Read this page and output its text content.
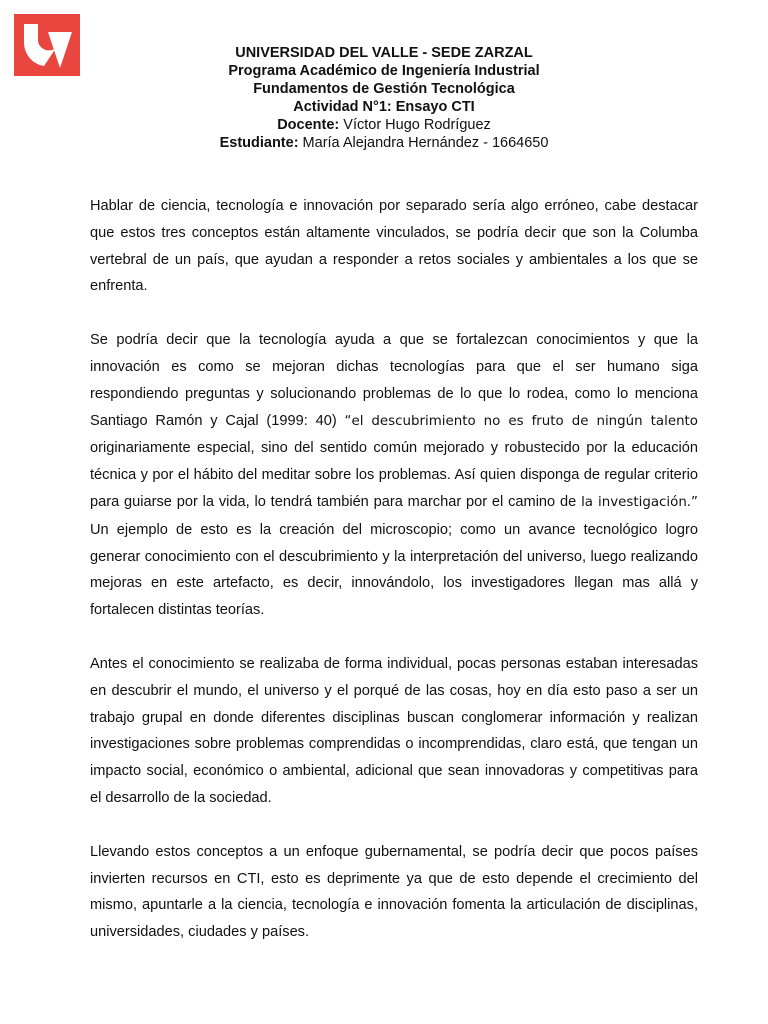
UNIVERSIDAD DEL VALLE - SEDE ZARZAL
Programa Académico de Ingeniería Industrial
Fundamentos de Gestión Tecnológica
Actividad N°1: Ensayo CTI
Docente: Víctor Hugo Rodríguez
Estudiante: María Alejandra Hernández - 1664650

Hablar de ciencia, tecnología e innovación por separado sería algo erróneo, cabe destacar que estos tres conceptos están altamente vinculados, se podría decir que son la Columba vertebral de un país, que ayudan a responder a retos sociales y ambientales a los que se enfrenta.

Se podría decir que la tecnología ayuda a que se fortalezcan conocimientos y que la innovación es como se mejoran dichas tecnologías para que el ser humano siga respondiendo preguntas y solucionando problemas de lo que lo rodea, como lo menciona Santiago Ramón y Cajal (1999: 40) “el descubrimiento no es fruto de ningún talento originariamente especial, sino del sentido común mejorado y robustecido por la educación técnica y por el hábito del meditar sobre los problemas. Así quien disponga de regular criterio para guiarse por la vida, lo tendrá también para marchar por el camino de la investigación.” Un ejemplo de esto es la creación del microscopio; como un avance tecnológico logro generar conocimiento con el descubrimiento y la interpretación del universo, luego realizando mejoras en este artefacto, es decir, innovándolo, los investigadores llegan mas allá y fortalecen distintas teorías.

Antes el conocimiento se realizaba de forma individual, pocas personas estaban interesadas en descubrir el mundo, el universo y el porqué de las cosas, hoy en día esto paso a ser un trabajo grupal en donde diferentes disciplinas buscan conglomerar información y realizan investigaciones sobre problemas comprendidas o incomprendidas, claro está, que tengan un impacto social, económico o ambiental, adicional que sean innovadoras y competitivas para el desarrollo de la sociedad.

Llevando estos conceptos a un enfoque gubernamental, se podría decir que pocos países invierten recursos en CTI, esto es deprimente ya que de esto depende el crecimiento del mismo, apuntarle a la ciencia, tecnología e innovación fomenta la articulación de disciplinas, universidades, ciudades y países.
